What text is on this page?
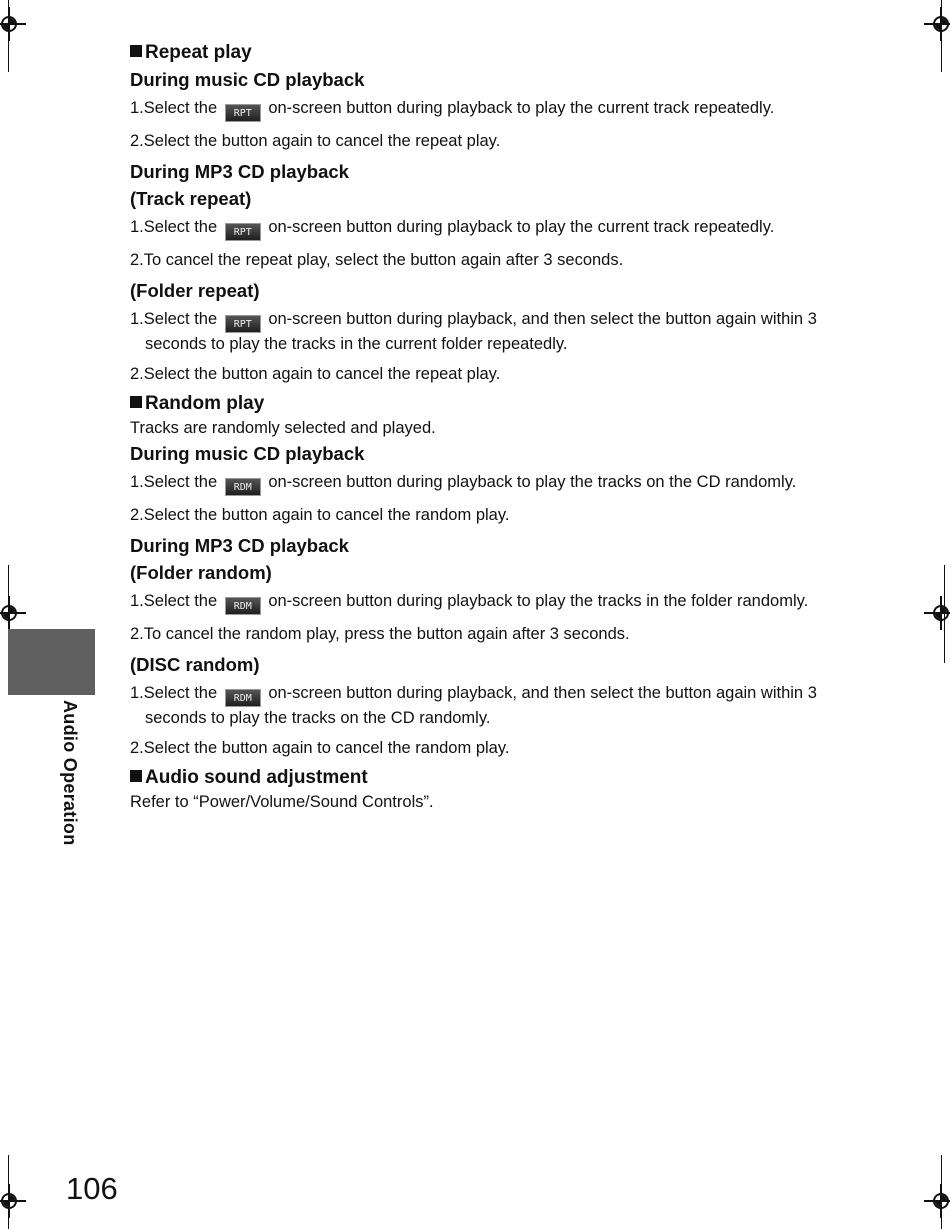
Audio Operation
106

Repeat play

During music CD playback

1.Select the RPT on-screen button during playback to play the current track repeatedly.

2.Select the button again to cancel the repeat play.

During MP3 CD playback

(Track repeat)

1.Select the RPT on-screen button during playback to play the current track repeatedly.

2.To cancel the repeat play, select the button again after 3 seconds.

(Folder repeat)

1.Select the RPT on-screen button during playback, and then select the button again within 3 seconds to play the tracks in the current folder repeatedly.

2.Select the button again to cancel the repeat play.

Random play

Tracks are randomly selected and played.

During music CD playback

1.Select the RDM on-screen button during playback to play the tracks on the CD randomly.

2.Select the button again to cancel the random play.

During MP3 CD playback

(Folder random)

1.Select the RDM on-screen button during playback to play the tracks in the folder randomly.

2.To cancel the random play, press the button again after 3 seconds.

(DISC random)

1.Select the RDM on-screen button during playback, and then select the button again within 3 seconds to play the tracks on the CD randomly.

2.Select the button again to cancel the random play.

Audio sound adjustment

Refer to “Power/Volume/Sound Controls”.
